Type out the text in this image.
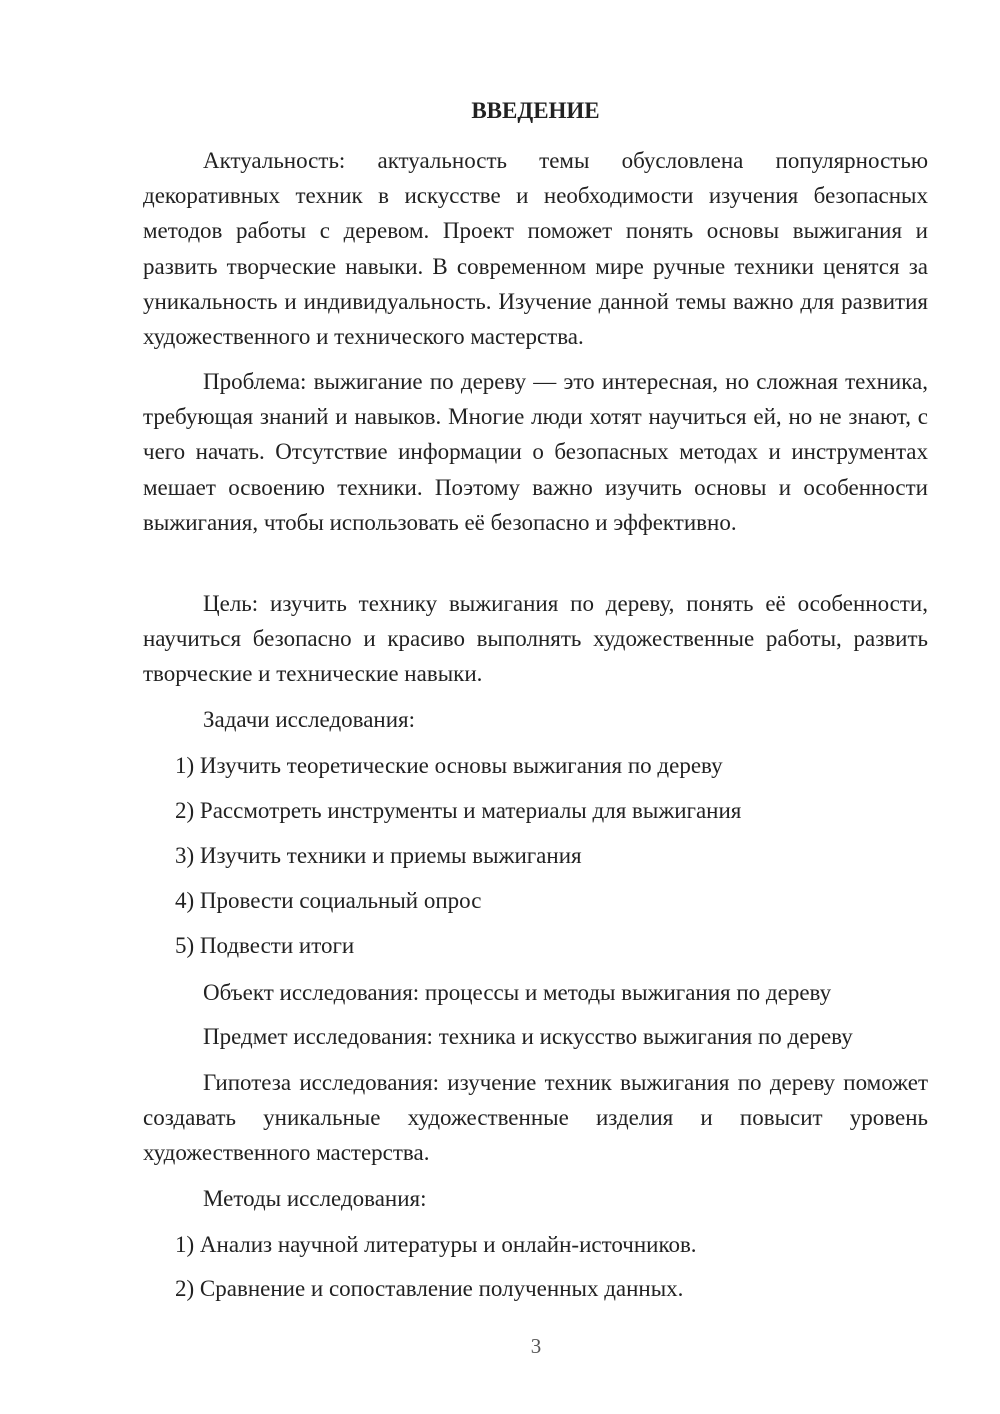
ВВЕДЕНИЕ

Актуальность: актуальность темы обусловлена популярностью декоративных техник в искусстве и необходимости изучения безопасных методов работы с деревом. Проект поможет понять основы выжигания и развить творческие навыки. В современном мире ручные техники ценятся за уникальность и индивидуальность. Изучение данной темы важно для развития художественного и технического мастерства.

Проблема: выжигание по дереву — это интересная, но сложная техника, требующая знаний и навыков. Многие люди хотят научиться ей, но не знают, с чего начать. Отсутствие информации о безопасных методах и инструментах мешает освоению техники. Поэтому важно изучить основы и особенности выжигания, чтобы использовать её безопасно и эффективно.

Цель: изучить технику выжигания по дереву, понять её особенности, научиться безопасно и красиво выполнять художественные работы, развить творческие и технические навыки.

Задачи исследования:

1) Изучить теоретические основы выжигания по дереву

2) Рассмотреть инструменты и материалы для выжигания

3) Изучить техники и приемы выжигания

4) Провести социальный опрос

5) Подвести итоги

Объект исследования: процессы и методы выжигания по дереву

Предмет исследования: техника и искусство выжигания по дереву

Гипотеза исследования: изучение техник выжигания по дереву поможет создавать уникальные художественные изделия и повысит уровень художественного мастерства.

Методы исследования:

1) Анализ научной литературы и онлайн-источников.

2) Сравнение и сопоставление полученных данных.

3
